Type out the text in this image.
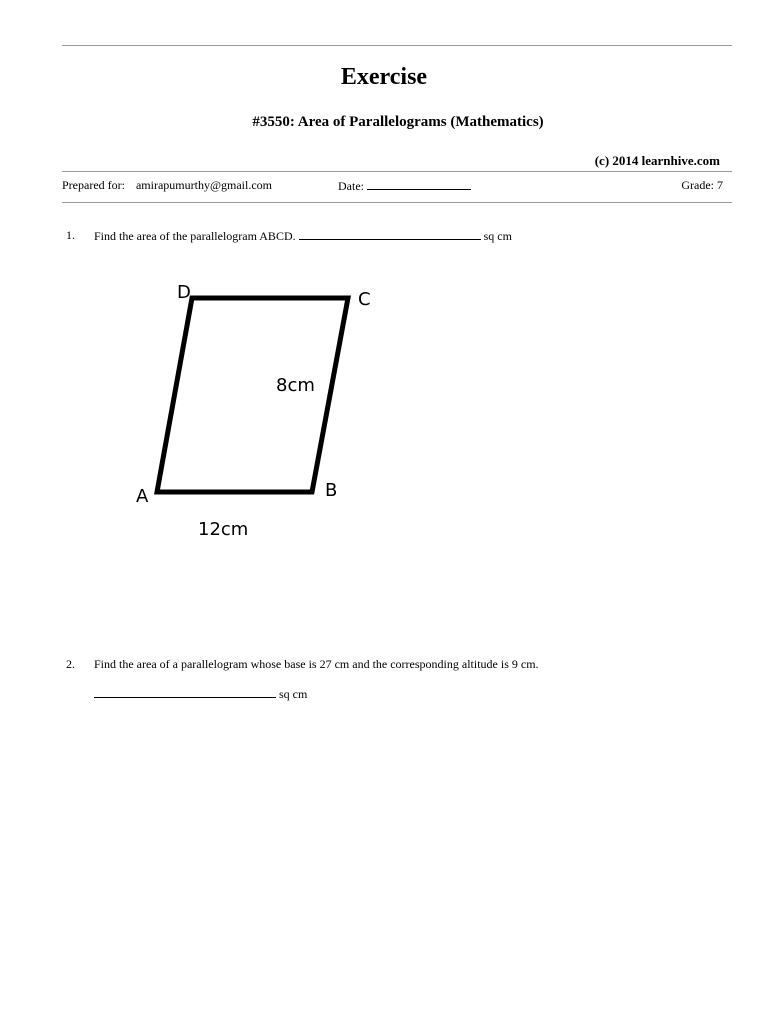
Exercise
#3550: Area of Parallelograms (Mathematics)
(c) 2014 learnhive.com
Prepared for: amirapumurthy@gmail.com	Date:	Grade: 7
1. Find the area of the parallelogram ABCD.	sq cm
A	B
C
D
8cm
12cm
2. Find the area of a parallelogram whose base is 27 cm and the corresponding altitude is 9 cm.
sq cm
